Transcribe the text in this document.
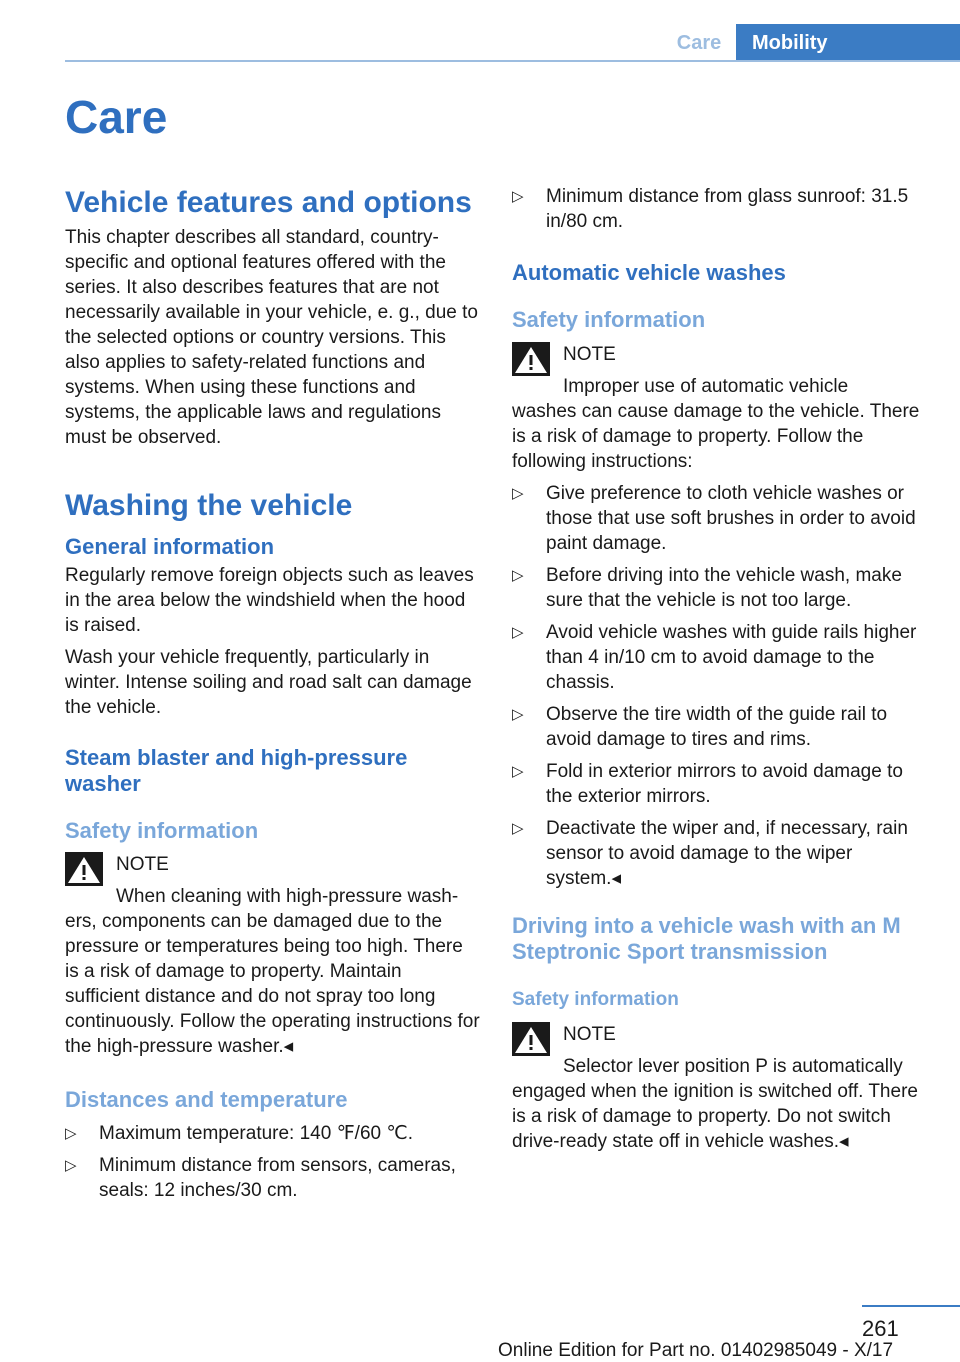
Care	Mobility
Care
Vehicle features and options

This chapter describes all standard, country-specific and optional features offered with the series. It also describes features that are not necessarily available in your vehicle, e. g., due to the selected options or country versions. This also applies to safety-related functions and systems. When using these functions and systems, the applicable laws and regulations must be observed.

Washing the vehicle
General information

Regularly remove foreign objects such as leaves in the area below the windshield when the hood is raised.

Wash your vehicle frequently, particularly in winter. Intense soiling and road salt can damage the vehicle.

Steam blaster and high-pressure washer
Safety information
NOTE

When cleaning with high-pressure wash-

ers, components can be damaged due to the pressure or temperatures being too high. There is a risk of damage to property. Maintain sufficient distance and do not spray too long continuously. Follow the operating instructions for the high-pressure washer.◂

Distances and temperature
▷ Maximum temperature: 140 ℉/60 ℃.
▷ Minimum distance from sensors, cameras, seals: 12 inches/30 cm.
▷ Minimum distance from glass sunroof: 31.5 in/80 cm.
Automatic vehicle washes
Safety information
NOTE

Improper use of automatic vehicle

washes can cause damage to the vehicle. There is a risk of damage to property. Follow the following instructions:

▷ Give preference to cloth vehicle washes or those that use soft brushes in order to avoid paint damage.
▷ Before driving into the vehicle wash, make sure that the vehicle is not too large.
▷ Avoid vehicle washes with guide rails higher than 4 in/10 cm to avoid damage to the chassis.
▷ Observe the tire width of the guide rail to avoid damage to tires and rims.
▷ Fold in exterior mirrors to avoid damage to the exterior mirrors.
▷ Deactivate the wiper and, if necessary, rain sensor to avoid damage to the wiper system.◂
Driving into a vehicle wash with an M Steptronic Sport transmission
Safety information
NOTE

Selector lever position P is automatically

engaged when the ignition is switched off. There is a risk of damage to property. Do not switch drive-ready state off in vehicle washes.◂

261
Online Edition for Part no. 01402985049 - X/17
